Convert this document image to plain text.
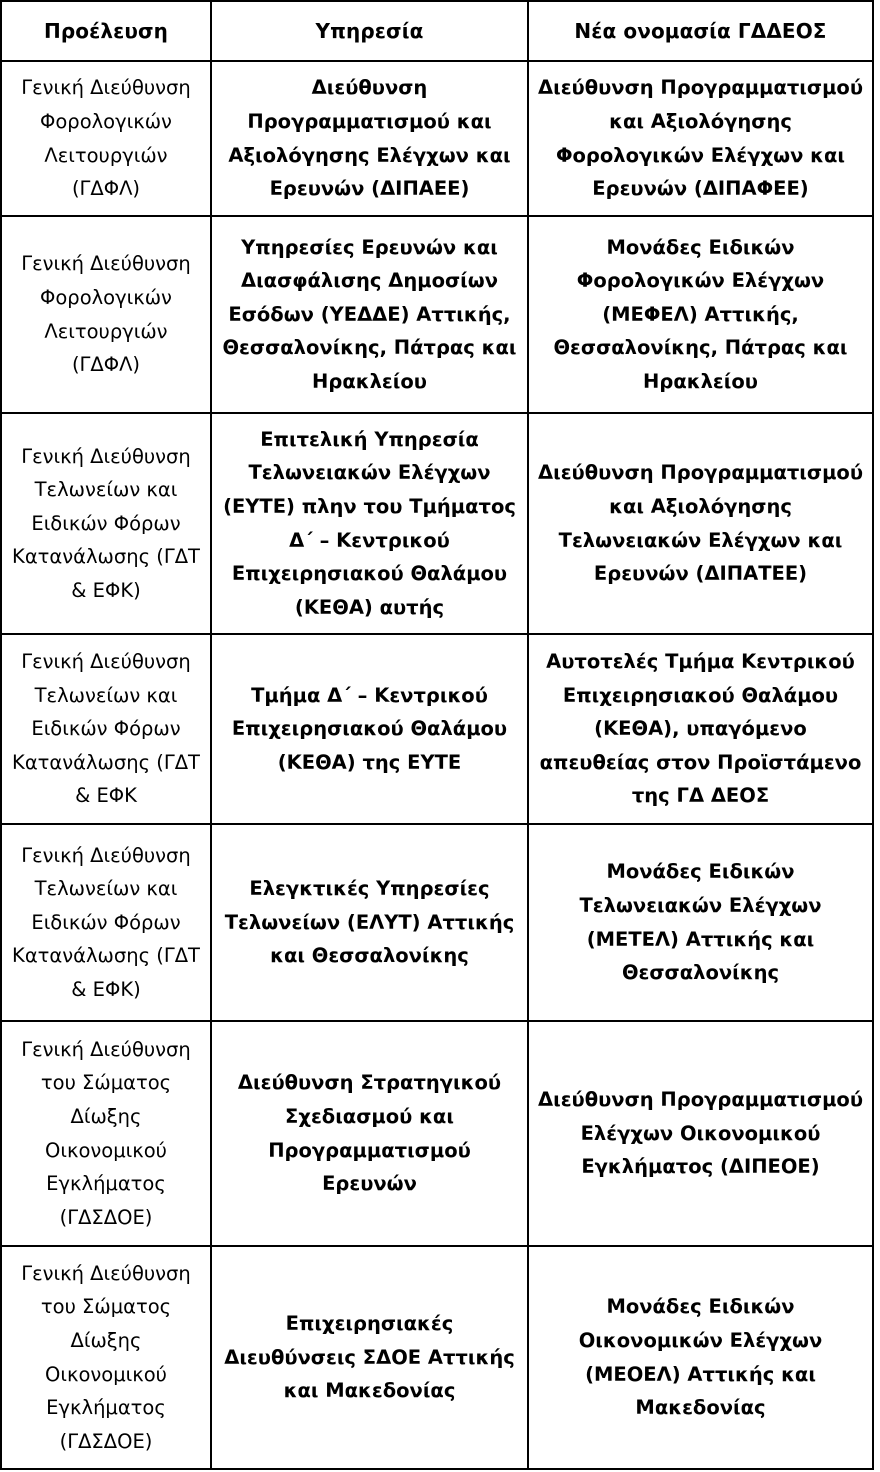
Προέλευση	Υπηρεσία	Νέα ονομασία ΓΔΔΕΟΣ

Γενική Διεύθυνση Φορολογικών Λειτουργιών (ΓΔΦΛ)	Διεύθυνση Προγραμματισμού και Αξιολόγησης Ελέγχων και Ερευνών (ΔΙΠΑΕΕ)	Διεύθυνση Προγραμματισμού και Αξιολόγησης Φορολογικών Ελέγχων και Ερευνών (ΔΙΠΑΦΕΕ)

Γενική Διεύθυνση Φορολογικών Λειτουργιών (ΓΔΦΛ)	Υπηρεσίες Ερευνών και Διασφάλισης Δημοσίων Εσόδων (ΥΕΔΔΕ) Αττικής, Θεσσαλονίκης, Πάτρας και Ηρακλείου	Μονάδες Ειδικών Φορολογικών Ελέγχων (ΜΕΦΕΛ) Αττικής, Θεσσαλονίκης, Πάτρας και Ηρακλείου

Γενική Διεύθυνση Τελωνείων και Ειδικών Φόρων Κατανάλωσης (ΓΔΤ & ΕΦΚ)	Επιτελική Υπηρεσία Τελωνειακών Ελέγχων (ΕΥΤΕ) πλην του Τμήματος Δ΄ – Κεντρικού Επιχειρησιακού Θαλάμου (ΚΕΘΑ) αυτής	Διεύθυνση Προγραμματισμού και Αξιολόγησης Τελωνειακών Ελέγχων και Ερευνών (ΔΙΠΑΤΕΕ)

Γενική Διεύθυνση Τελωνείων και Ειδικών Φόρων Κατανάλωσης (ΓΔΤ & ΕΦΚ	Τμήμα Δ΄ – Κεντρικού Επιχειρησιακού Θαλάμου (ΚΕΘΑ) της ΕΥΤΕ	Αυτοτελές Τμήμα Κεντρικού Επιχειρησιακού Θαλάμου (ΚΕΘΑ), υπαγόμενο απευθείας στον Προϊστάμενο της ΓΔ ΔΕΟΣ

Γενική Διεύθυνση Τελωνείων και Ειδικών Φόρων Κατανάλωσης (ΓΔΤ & ΕΦΚ)	Ελεγκτικές Υπηρεσίες Τελωνείων (ΕΛΥΤ) Αττικής και Θεσσαλονίκης	Μονάδες Ειδικών Τελωνειακών Ελέγχων (ΜΕΤΕΛ) Αττικής και Θεσσαλονίκης

Γενική Διεύθυνση του Σώματος Δίωξης Οικονομικού Εγκλήματος (ΓΔΣΔΟΕ)	Διεύθυνση Στρατηγικού Σχεδιασμού και Προγραμματισμού Ερευνών	Διεύθυνση Προγραμματισμού Ελέγχων Οικονομικού Εγκλήματος (ΔΙΠΕΟΕ)

Γενική Διεύθυνση του Σώματος Δίωξης Οικονομικού Εγκλήματος (ΓΔΣΔΟΕ)	Επιχειρησιακές Διευθύνσεις ΣΔΟΕ Αττικής και Μακεδονίας	Μονάδες Ειδικών Οικονομικών Ελέγχων (ΜΕΟΕΛ) Αττικής και Μακεδονίας
